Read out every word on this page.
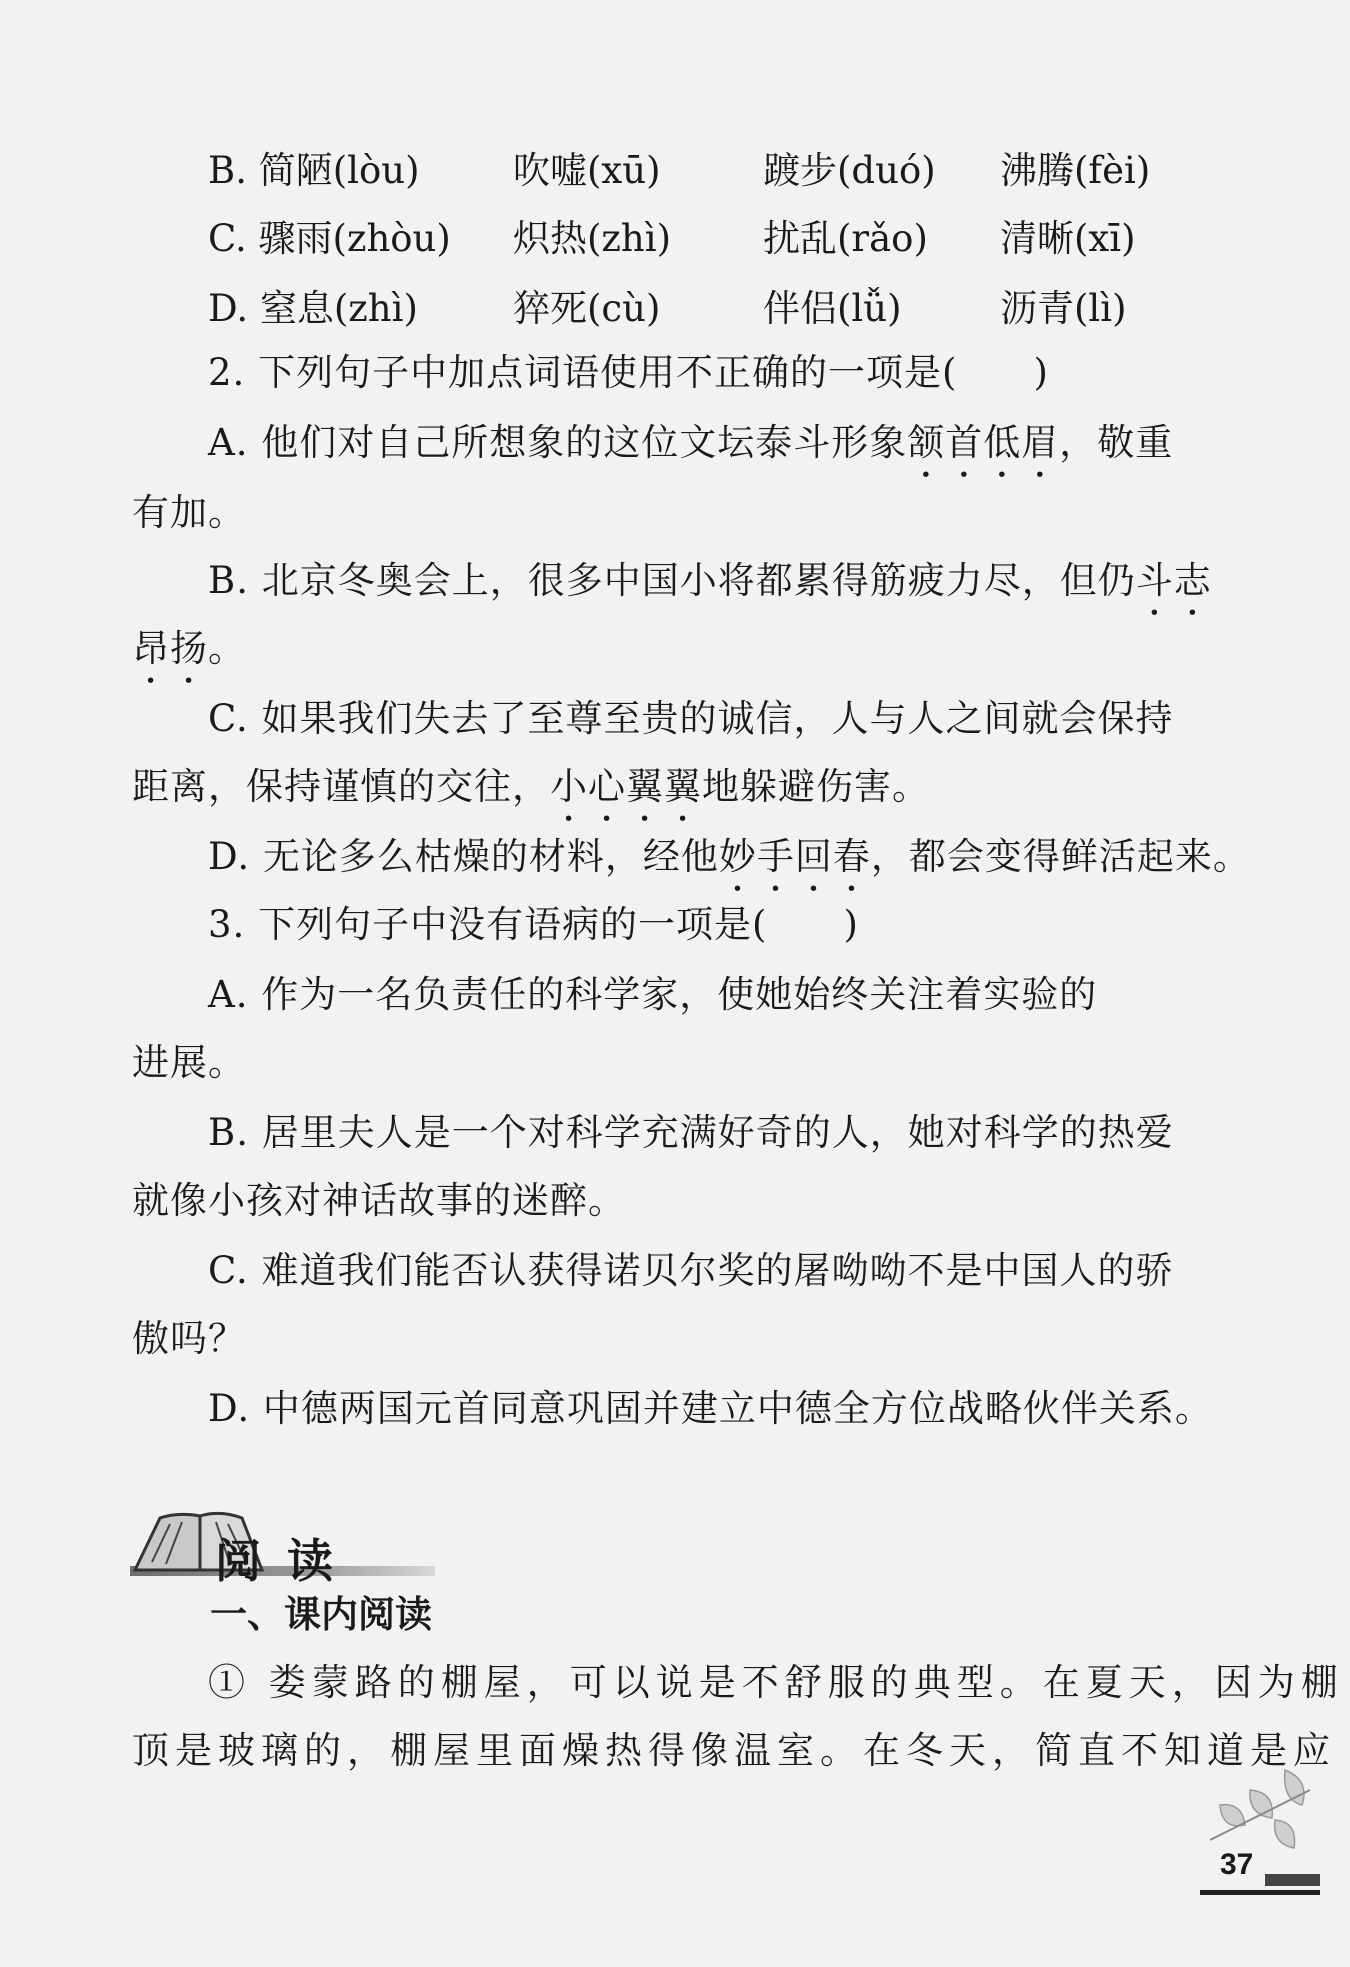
B. 简陋(lòu)	吹嘘(xū)	踱步(duó) 沸腾(fèi)
C. 骤雨(zhòu) 炽热(zhì) 扰乱(rǎo) 清晰(xī)
D. 窒息(zhì)	猝死(cù)	伴侣(lǚ)	沥青(lì)
2. 下列句子中加点词语使用不正确的一项是(　　)
A. 他们对自己所想象的这位文坛泰斗形象颔首低眉，敬重
有加。
B. 北京冬奥会上，很多中国小将都累得筋疲力尽，但仍斗志
昂扬。
C. 如果我们失去了至尊至贵的诚信，人与人之间就会保持
距离，保持谨慎的交往，小心翼翼地躲避伤害。
D. 无论多么枯燥的材料，经他妙手回春，都会变得鲜活起来。
3. 下列句子中没有语病的一项是(　　)
A. 作为一名负责任的科学家，使她始终关注着实验的
进展。
B. 居里夫人是一个对科学充满好奇的人，她对科学的热爱
就像小孩对神话故事的迷醉。
C. 难道我们能否认获得诺贝尔奖的屠呦呦不是中国人的骄
傲吗？
D. 中德两国元首同意巩固并建立中德全方位战略伙伴关系。
阅读
一、课内阅读
① 娄蒙路的棚屋，可以说是不舒服的典型。在夏天，因为棚
顶是玻璃的，棚屋里面燥热得像温室。在冬天，简直不知道是应
37
